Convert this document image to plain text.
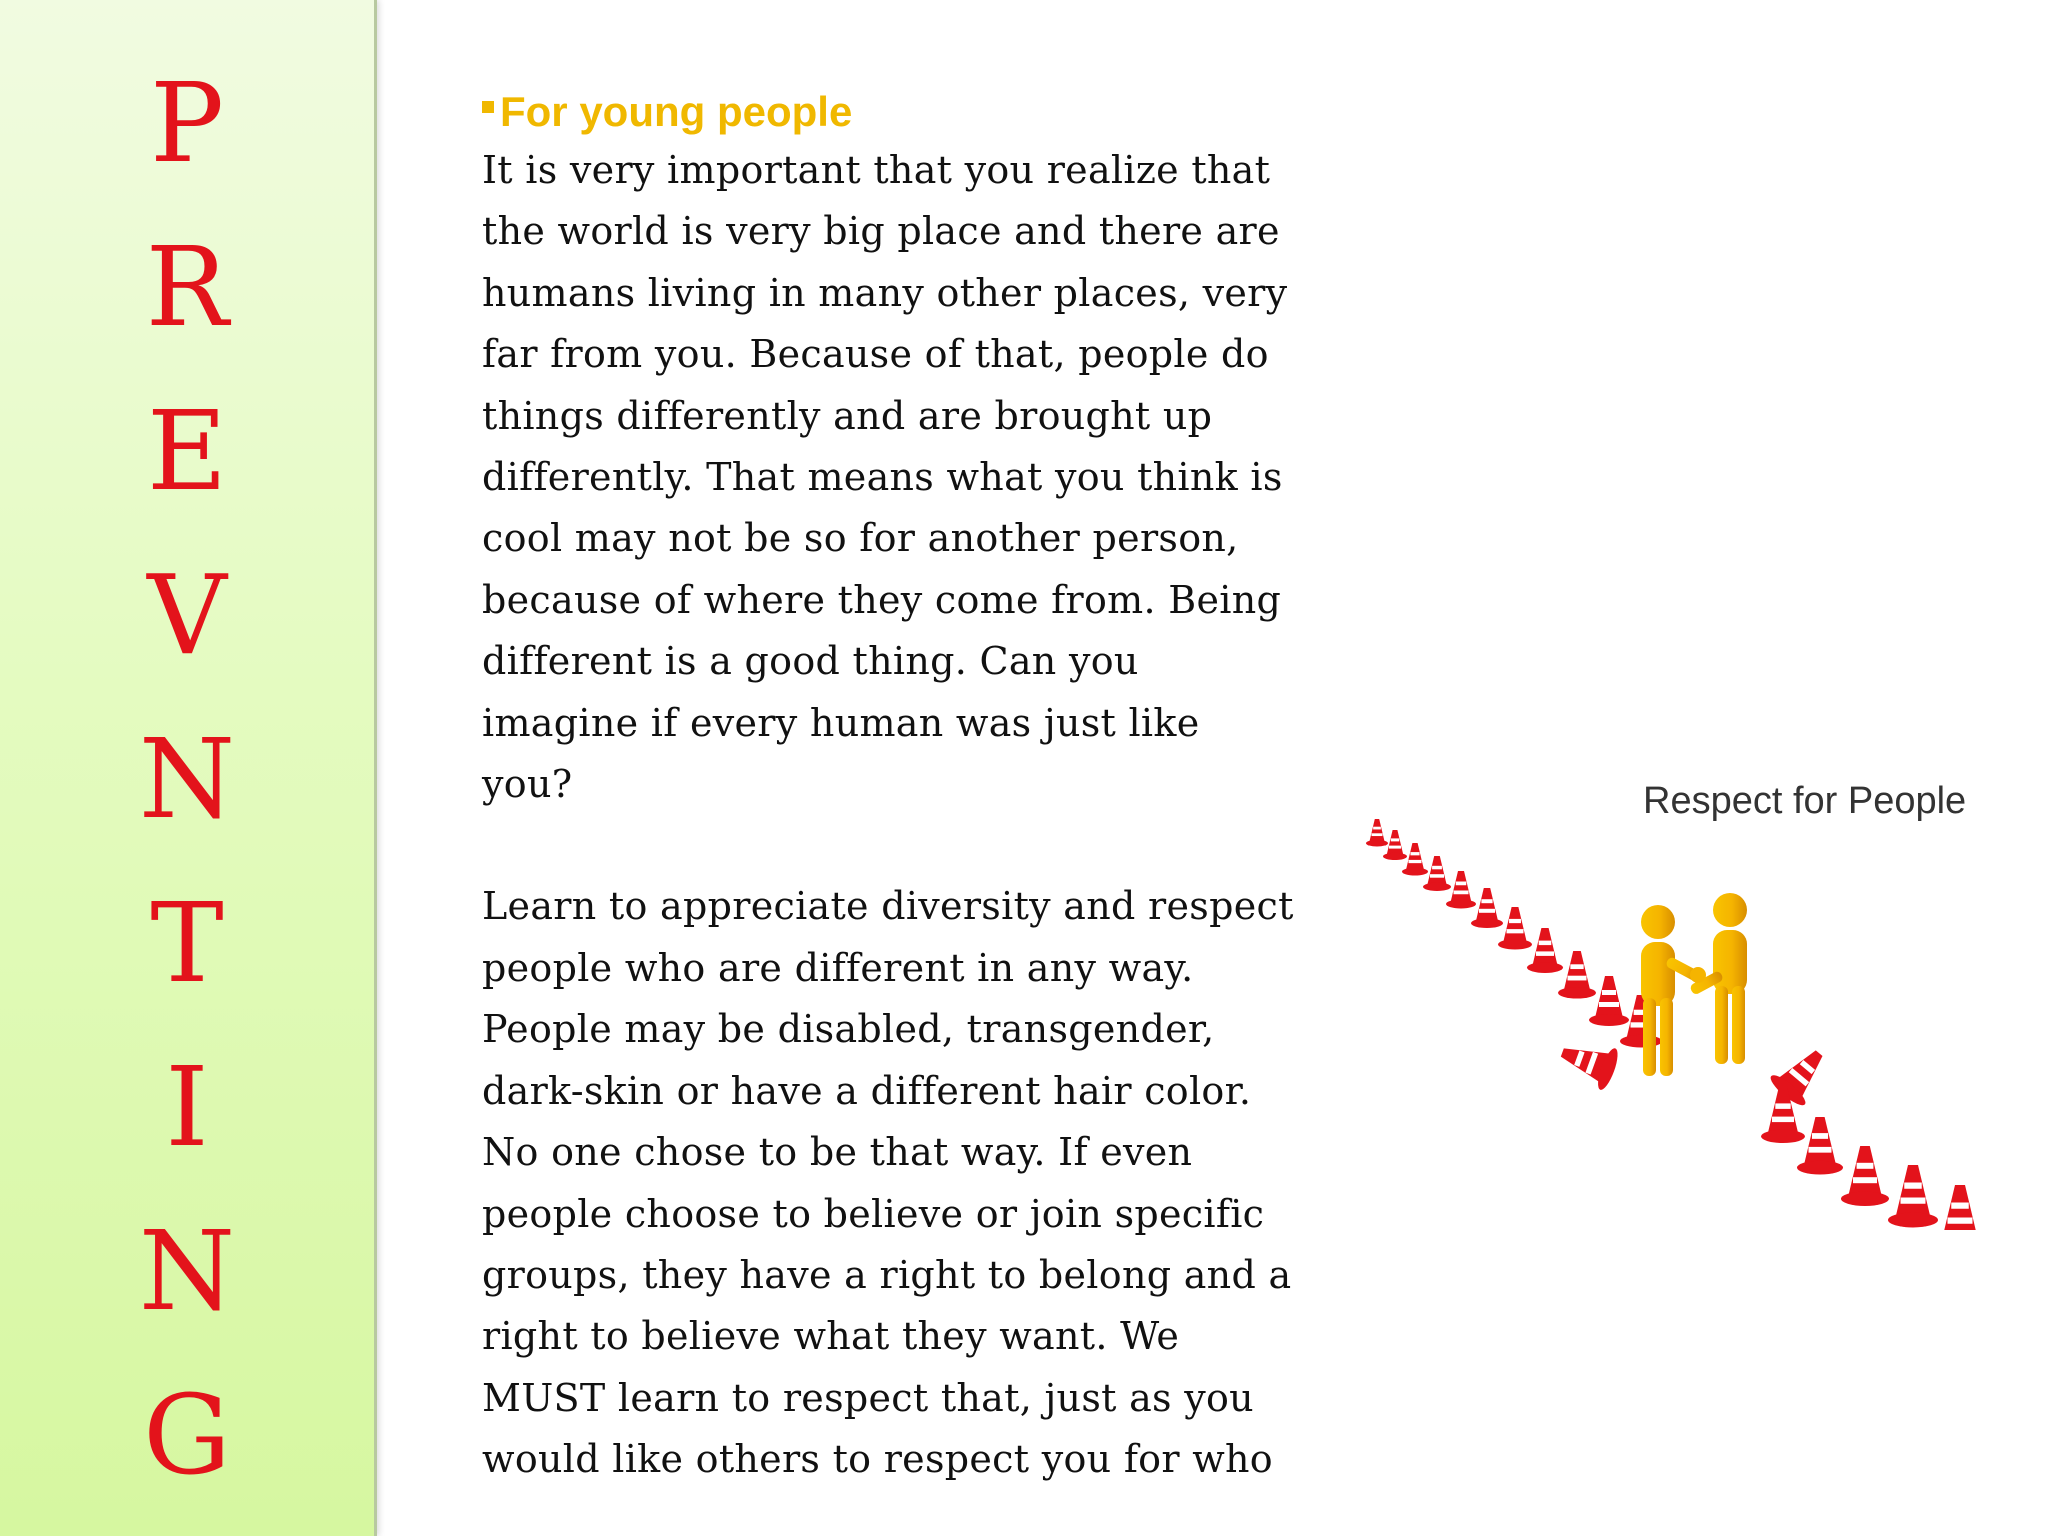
P
R
E
V
N
T
I
N
G
For young people

It is very important that you realize that
the world is very big place and there are
humans living in many other places, very
far from you. Because of that, people do
things differently and are brought up
differently. That means what you think is
cool may not be so for another person,
because of where they come from. Being
different is a good thing. Can you
imagine if every human was just like
you?

Learn to appreciate diversity and respect
people who are different in any way.
People may be disabled, transgender,
dark-skin or have a different hair color.
No one chose to be that way. If even
people choose to believe or join specific
groups, they have a right to belong and a
right to believe what they want. We
MUST learn to respect that, just as you
would like others to respect you for who

Respect for People
